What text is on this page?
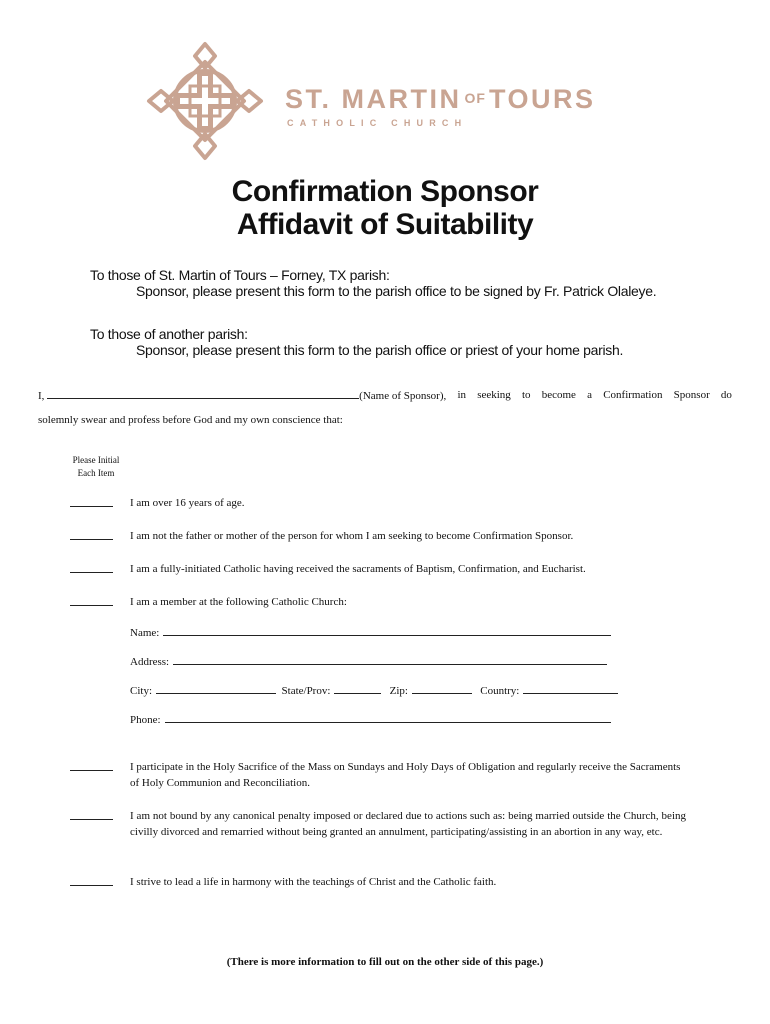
ST. MARTIN OF TOURS
CATHOLIC CHURCH
Confirmation Sponsor
Affidavit of Suitability
To those of St. Martin of Tours – Forney, TX parish:
Sponsor, please present this form to the parish office to be signed by Fr. Patrick Olaleye.
To those of another parish:
Sponsor, please present this form to the parish office or priest of your home parish.
I,	(Name of Sponsor), in seeking to become a Confirmation Sponsor do
solemnly swear and profess before God and my own conscience that:
Please Initial
Each Item
I am over 16 years of age.
I am not the father or mother of the person for whom I am seeking to become Confirmation Sponsor.
I am a fully-initiated Catholic having received the sacraments of Baptism, Confirmation, and Eucharist.
I am a member at the following Catholic Church:
Name:
Address:
City:	State/Prov:	Zip:	Country:
Phone:
I participate in the Holy Sacrifice of the Mass on Sundays and Holy Days of Obligation and regularly receive the Sacraments of Holy Communion and Reconciliation.
I am not bound by any canonical penalty imposed or declared due to actions such as: being married outside the Church, being civilly divorced and remarried without being granted an annulment, participating/assisting in an abortion in any way, etc.
I strive to lead a life in harmony with the teachings of Christ and the Catholic faith.
(There is more information to fill out on the other side of this page.)
